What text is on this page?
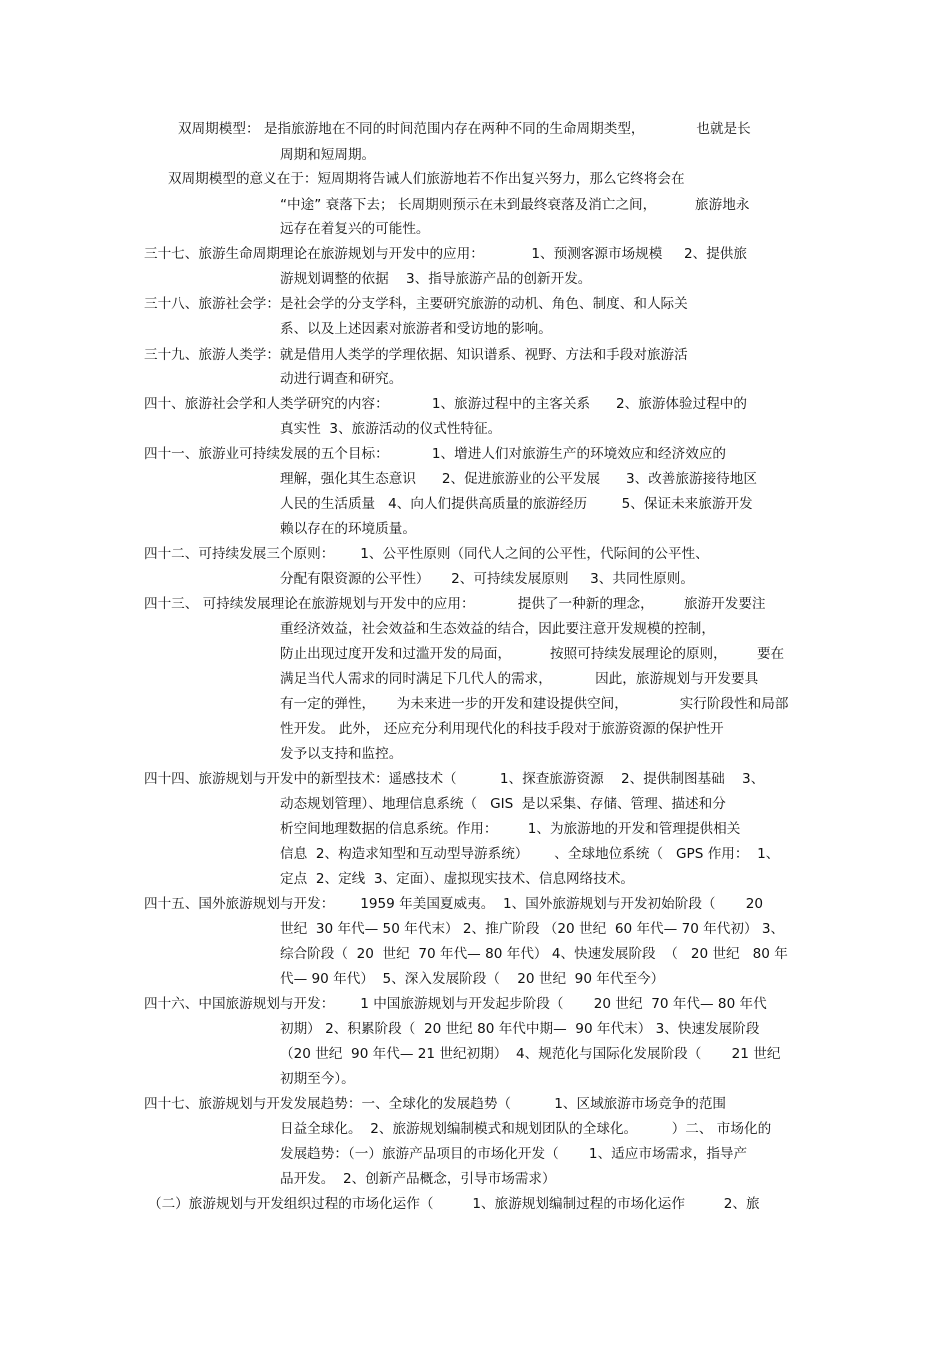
双周期模型： 是指旅游地在不同的时间范围内存在两种不同的生命周期类型，            也就是长
周期和短周期。
双周期模型的意义在于：短周期将告诫人们旅游地若不作出复兴努力，那么它终将会在
“中途” 衰落下去； 长周期则预示在未到最终衰落及消亡之间，         旅游地永
远存在着复兴的可能性。
三十七、旅游生命周期理论在旅游规划与开发中的应用：           1、预测客源市场规模     2、提供旅
游规划调整的依据    3、指导旅游产品的创新开发。
三十八、旅游社会学：是社会学的分支学科，主要研究旅游的动机、角色、制度、和人际关
系、以及上述因素对旅游者和受访地的影响。
三十九、旅游人类学：就是借用人类学的学理依据、知识谱系、视野、方法和手段对旅游活
动进行调查和研究。
四十、旅游社会学和人类学研究的内容：          1、旅游过程中的主客关系      2、旅游体验过程中的
真实性  3、旅游活动的仪式性特征。
四十一、旅游业可持续发展的五个目标：          1、增进人们对旅游生产的环境效应和经济效应的
理解，强化其生态意识      2、促进旅游业的公平发展      3、改善旅游接待地区
人民的生活质量   4、向人们提供高质量的旅游经历        5、保证未来旅游开发
赖以存在的环境质量。
四十二、可持续发展三个原则：      1、公平性原则（同代人之间的公平性，代际间的公平性、
分配有限资源的公平性）     2、可持续发展原则     3、共同性原则。
四十三、 可持续发展理论在旅游规划与开发中的应用：          提供了一种新的理念，       旅游开发要注
重经济效益，社会效益和生态效益的结合，因此要注意开发规模的控制，
防止出现过度开发和过滥开发的局面，         按照可持续发展理论的原则，       要在
满足当代人需求的同时满足下几代人的需求，          因此，旅游规划与开发要具
有一定的弹性，     为未来进一步的开发和建设提供空间，            实行阶段性和局部
性开发。 此外， 还应充分利用现代化的科技手段对于旅游资源的保护性开
发予以支持和监控。
四十四、旅游规划与开发中的新型技术：遥感技术（          1、探查旅游资源    2、提供制图基础    3、
动态规划管理）、地理信息系统（   GIS  是以采集、存储、管理、描述和分
析空间地理数据的信息系统。作用：       1、为旅游地的开发和管理提供相关
信息  2、构造求知型和互动型导游系统）      、全球地位系统（   GPS 作用：  1、
定点  2、定线  3、定面）、虚拟现实技术、信息网络技术。
四十五、国外旅游规划与开发：      1959 年美国夏威夷。  1、国外旅游规划与开发初始阶段（       20
世纪  30 年代— 50 年代末） 2、推广阶段 （20 世纪  60 年代— 70 年代初） 3、
综合阶段（  20  世纪  70 年代— 80 年代） 4、快速发展阶段  （   20 世纪   80 年
代— 90 年代）  5、深入发展阶段（    20 世纪  90 年代至今）
四十六、中国旅游规划与开发：      1 中国旅游规划与开发起步阶段（       20 世纪  70 年代— 80 年代
初期） 2、积累阶段（  20 世纪 80 年代中期—  90 年代末） 3、快速发展阶段
（20 世纪  90 年代— 21 世纪初期）  4、规范化与国际化发展阶段（       21 世纪
初期至今）。
四十七、旅游规划与开发发展趋势：一、全球化的发展趋势（          1、区域旅游市场竞争的范围
日益全球化。  2、旅游规划编制模式和规划团队的全球化。        ）二、 市场化的
发展趋势：（一）旅游产品项目的市场化开发（       1、适应市场需求，指导产
品开发。  2、创新产品概念，引导市场需求）
（二）旅游规划与开发组织过程的市场化运作（         1、旅游规划编制过程的市场化运作         2、旅
